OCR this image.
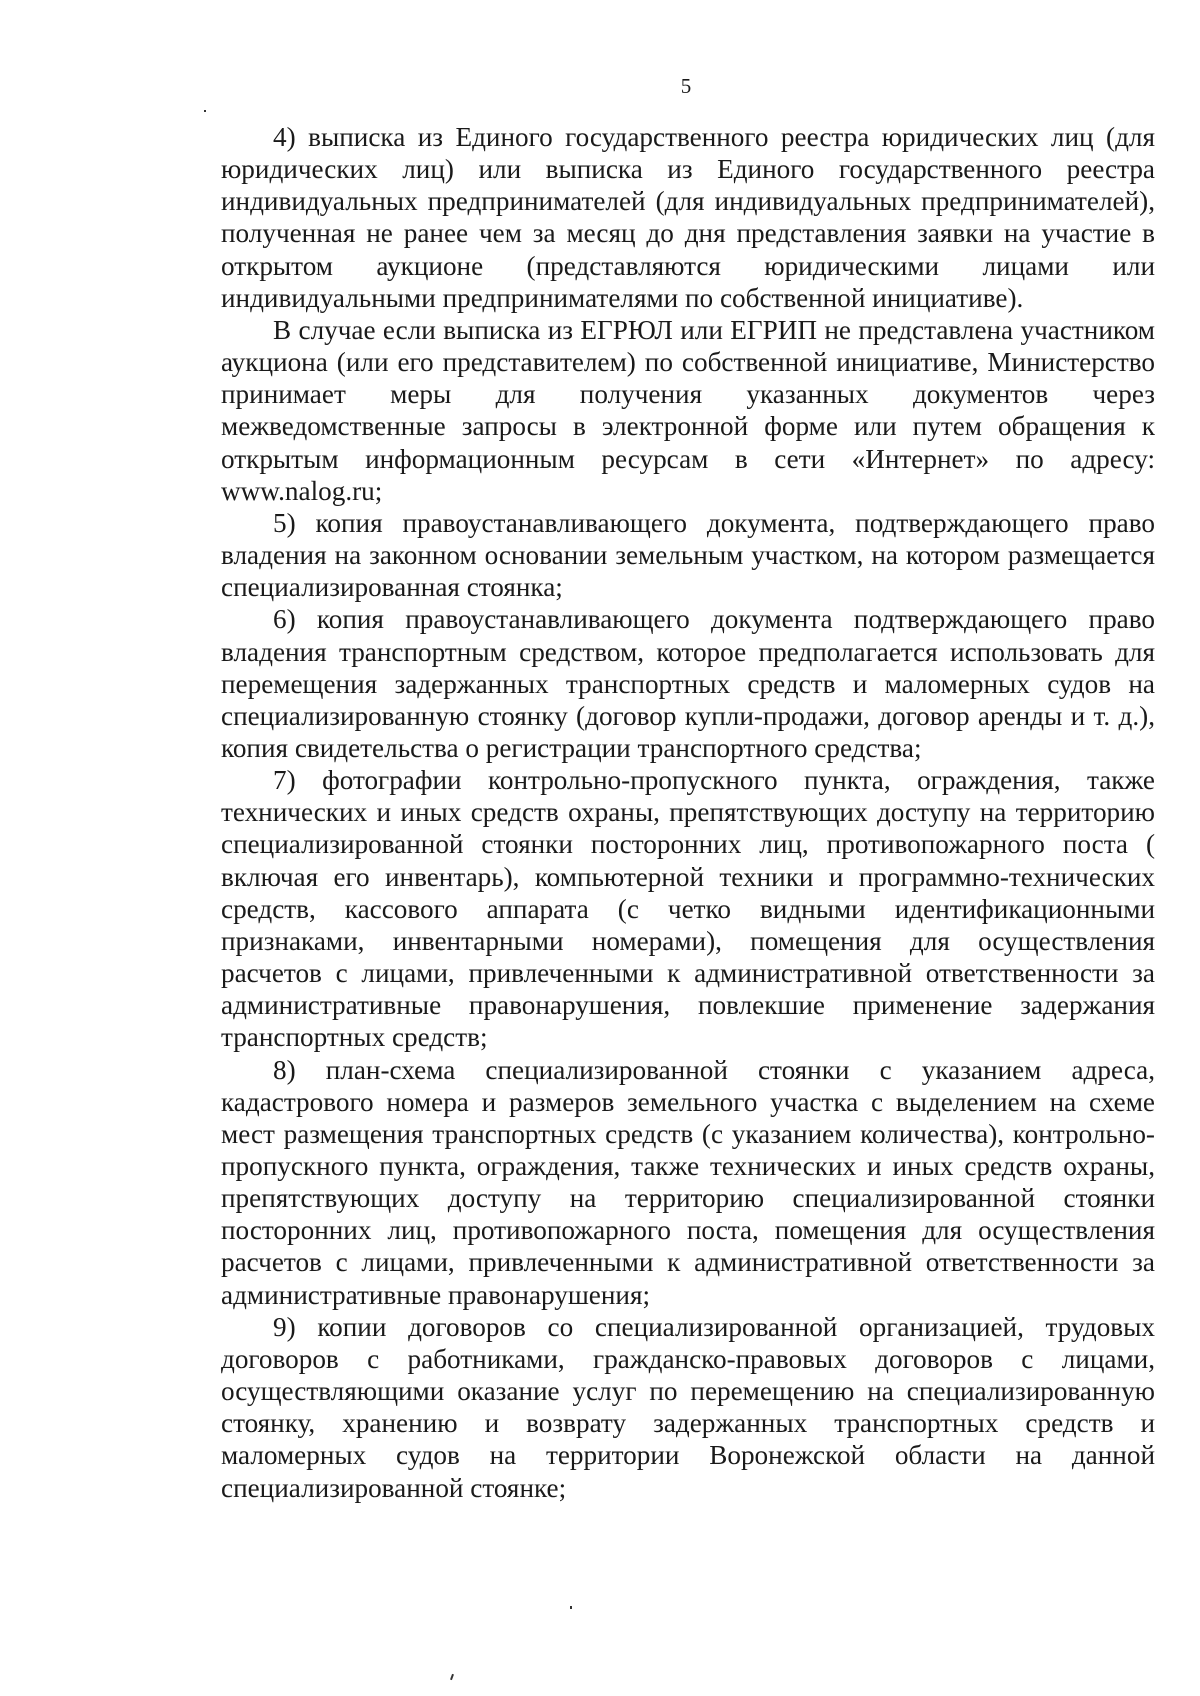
5

4) выписка из Единого государственного реестра юридических лиц (для юридических лиц) или выписка из Единого государственного реестра индивидуальных предпринимателей (для индивидуальных предпринимателей), полученная не ранее чем за месяц до дня представления заявки на участие в открытом аукционе (представляются юридическими лицами или индивидуальными предпринимателями по собственной инициативе).

В случае если выписка из ЕГРЮЛ или ЕГРИП не представлена участником аукциона (или его представителем) по собственной инициативе, Министерство принимает меры для получения указанных документов через межведомственные запросы в электронной форме или путем обращения к открытым информационным ресурсам в сети «Интернет» по адресу: www.nalog.ru;

5) копия правоустанавливающего документа, подтверждающего право владения на законном основании земельным участком, на котором размещается специализированная стоянка;

6) копия правоустанавливающего документа подтверждающего право владения транспортным средством, которое предполагается использовать для перемещения задержанных транспортных средств и маломерных судов на специализированную стоянку (договор купли-продажи, договор аренды и т. д.), копия свидетельства о регистрации транспортного средства;

7) фотографии контрольно-пропускного пункта, ограждения, также технических и иных средств охраны, препятствующих доступу на территорию специализированной стоянки посторонних лиц, противопожарного поста ( включая его инвентарь), компьютерной техники и программно-технических средств, кассового аппарата (с четко видными идентификационными признаками, инвентарными номерами), помещения для осуществления расчетов с лицами, привлеченными к административной ответственности за административные правонарушения, повлекшие применение задержания транспортных средств;

8) план-схема специализированной стоянки с указанием адреса, кадастрового номера и размеров земельного участка с выделением на схеме мест размещения транспортных средств (с указанием количества), контрольно-пропускного пункта, ограждения, также технических и иных средств охраны, препятствующих доступу на территорию специализированной стоянки посторонних лиц, противопожарного поста, помещения для осуществления расчетов с лицами, привлеченными к административной ответственности за административные правонарушения;

9) копии договоров со специализированной организацией, трудовых договоров с работниками, гражданско-правовых договоров с лицами, осуществляющими оказание услуг по перемещению на специализированную стоянку, хранению и возврату задержанных транспортных средств и маломерных судов на территории Воронежской области на данной специализированной стоянке;
